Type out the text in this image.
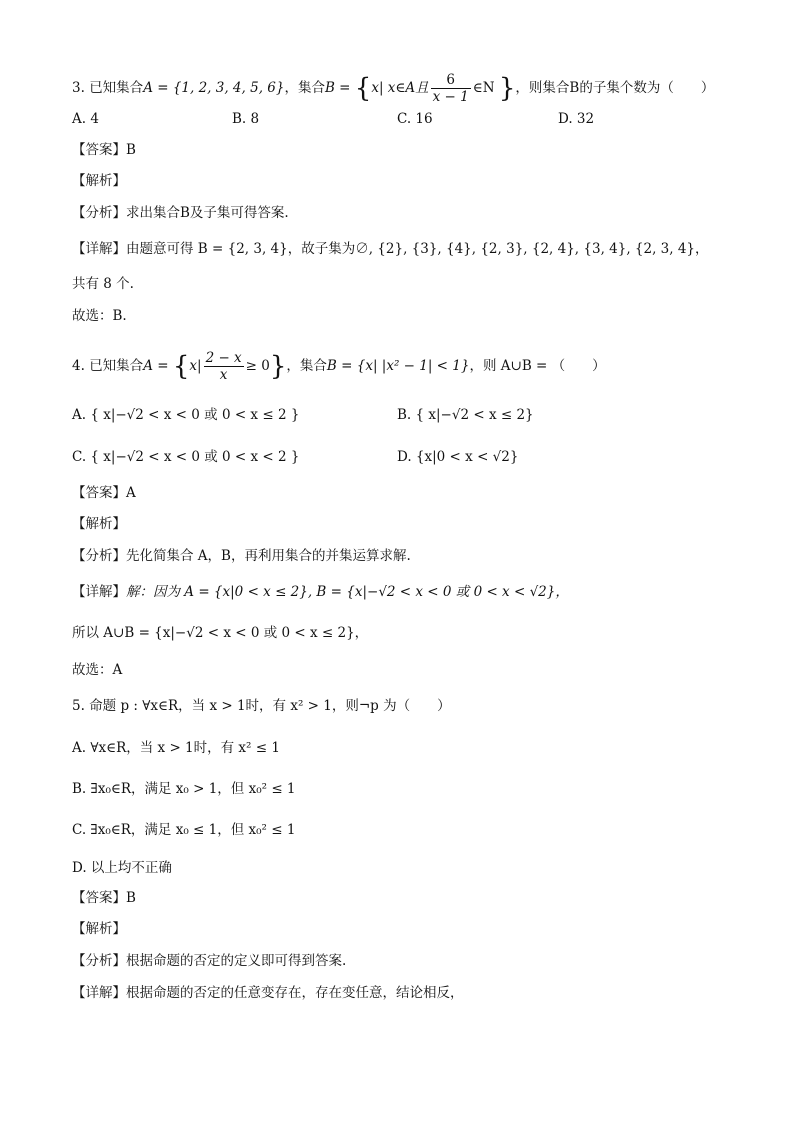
3. 已知集合A = {1, 2, 3, 4, 5, 6}，集合B = {x| x∈A且 $\frac{6}{x - 1}$ ∈N }，则集合B的子集个数为（　　）
A. 4	B. 8	C. 16	D. 32
【答案】B
【解析】
【分析】求出集合B及子集可得答案.
【详解】由题意可得 B = {2, 3, 4}，故子集为∅, {2}, {3}, {4}, {2, 3}, {2, 4}, {3, 4}, {2, 3, 4}，
共有 8 个.
故选：B.
4. 已知集合$A = \{x| \frac{2 - x}{x} \ge 0\}$，集合B = {x| |x² − 1| < 1}，则 A∪B = （　　）
A. { x|−√2 < x < 0 或 0 < x ≤ 2 }	B. { x|−√2 < x ≤ 2}
C. { x|−√2 < x < 0 或 0 < x < 2 }	D. {x|0 < x < √2}
【答案】A
【解析】
【分析】先化简集合 A，B，再利用集合的并集运算求解.
【详解】解：因为 A = {x|0 < x ≤ 2}, B = {x|−√2 < x < 0 或 0 < x < √2}，
所以 A∪B = {x|−√2 < x < 0 或 0 < x ≤ 2}，
故选：A
5. 命题 p : ∀x∈R，当 x > 1时，有 x² > 1，则¬p 为（　　）
A. ∀x∈R，当 x > 1时，有 x² ≤ 1
B. ∃x₀∈R，满足 x₀ > 1，但 x₀² ≤ 1
C. ∃x₀∈R，满足 x₀ ≤ 1，但 x₀² ≤ 1
D. 以上均不正确
【答案】B
【解析】
【分析】根据命题的否定的定义即可得到答案.
【详解】根据命题的否定的任意变存在，存在变任意，结论相反，
